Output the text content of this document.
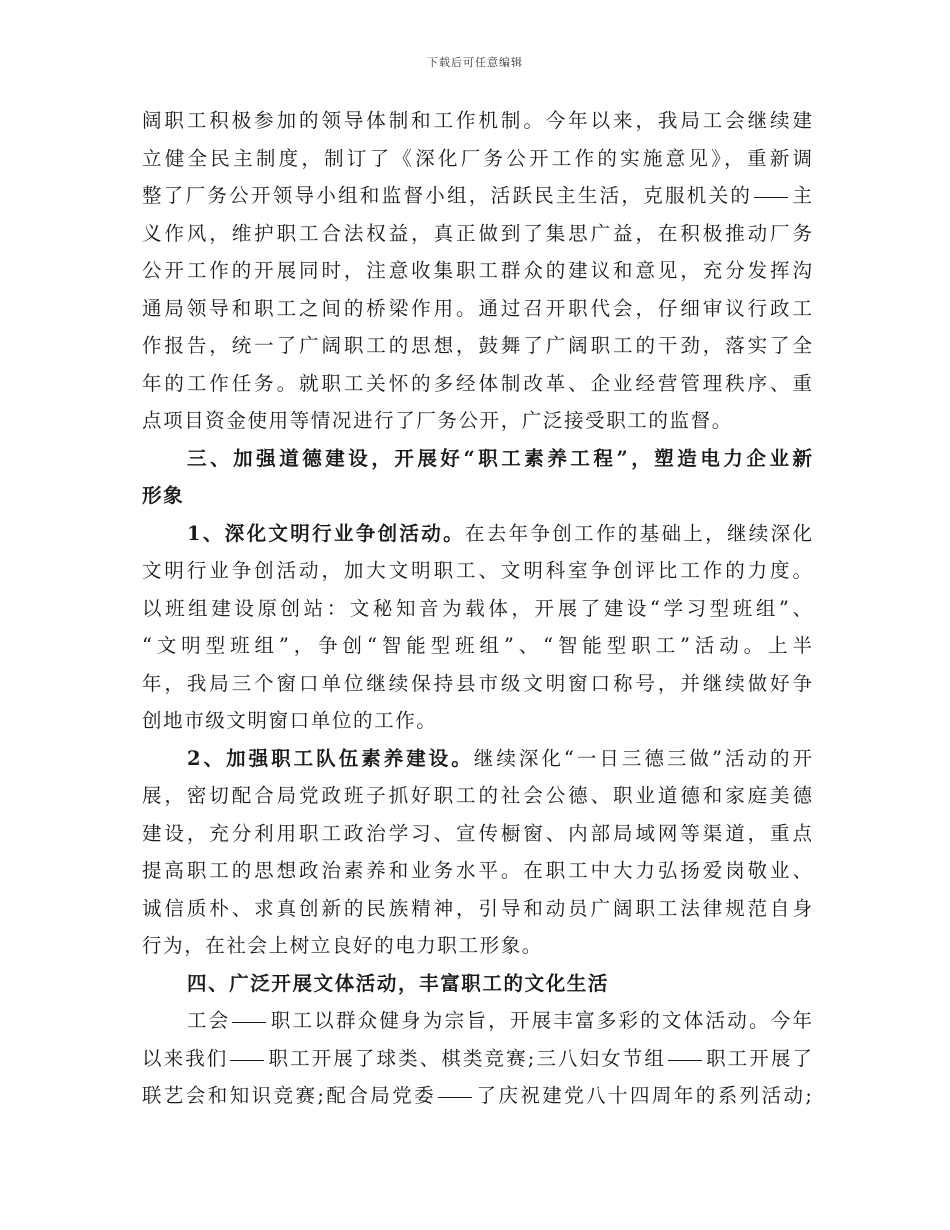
下载后可任意编辑
阔职工积极参加的领导体制和工作机制。今年以来，我局工会继续建
立健全民主制度，制订了《深化厂务公开工作的实施意见》，重新调
整了厂务公开领导小组和监督小组，活跃民主生活，克服机关的 主
义作风，维护职工合法权益，真正做到了集思广益，在积极推动厂务
公开工作的开展同时，注意收集职工群众的建议和意见，充分发挥沟
通局领导和职工之间的桥梁作用。通过召开职代会，仔细审议行政工
作报告，统一了广阔职工的思想，鼓舞了广阔职工的干劲，落实了全
年的工作任务。就职工关怀的多经体制改革、企业经营管理秩序、重
点项目资金使用等情况进行了厂务公开，广泛接受职工的监督。
三、加强道德建设，开展好“职工素养工程”，塑造电力企业新
形象
1、深化文明行业争创活动。在去年争创工作的基础上，继续深化
文明行业争创活动，加大文明职工、文明科室争创评比工作的力度。
以班组建设原创站：文秘知音为载体，开展了建设“学习型班组”、
“文明型班组”，争创“智能型班组”、“智能型职工”活动。上半
年，我局三个窗口单位继续保持县市级文明窗口称号，并继续做好争
创地市级文明窗口单位的工作。
2、加强职工队伍素养建设。继续深化“一日三德三做”活动的开
展，密切配合局党政班子抓好职工的社会公德、职业道德和家庭美德
建设，充分利用职工政治学习、宣传橱窗、内部局域网等渠道，重点
提高职工的思想政治素养和业务水平。在职工中大力弘扬爱岗敬业、
诚信质朴、求真创新的民族精神，引导和动员广阔职工法律规范自身
行为，在社会上树立良好的电力职工形象。
四、广泛开展文体活动，丰富职工的文化生活
工会 职工以群众健身为宗旨，开展丰富多彩的文体活动。今年
以来我们 职工开展了球类、棋类竞赛;三八妇女节组 职工开展了
联艺会和知识竞赛;配合局党委 了庆祝建党八十四周年的系列活动;
